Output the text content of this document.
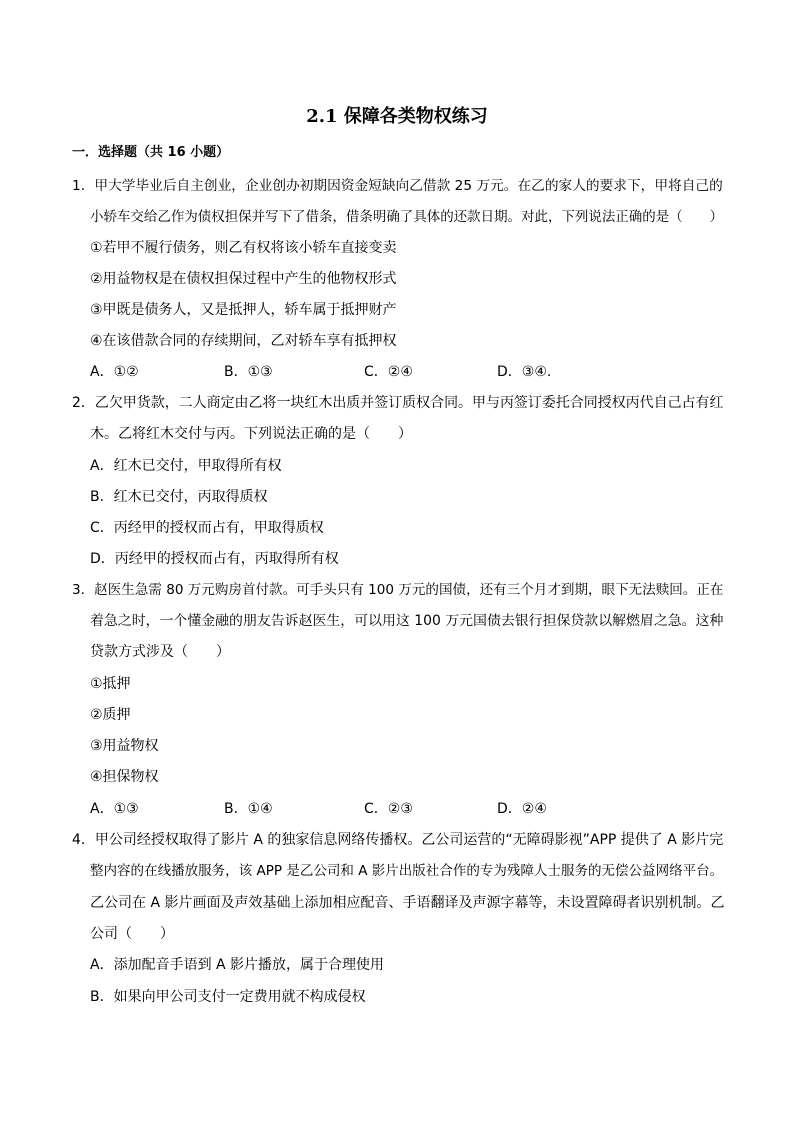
2.1 保障各类物权练习
一．选择题（共 16 小题）
1．甲大学毕业后自主创业，企业创办初期因资金短缺向乙借款 25 万元。在乙的家人的要求下，甲将自己的
小轿车交给乙作为债权担保并写下了借条，借条明确了具体的还款日期。对此，下列说法正确的是（　　）
①若甲不履行债务，则乙有权将该小轿车直接变卖
②用益物权是在债权担保过程中产生的他物权形式
③甲既是债务人，又是抵押人，轿车属于抵押财产
④在该借款合同的存续期间，乙对轿车享有抵押权
A．①②	B．①③	C．②④	D．③④.
2．乙欠甲货款，二人商定由乙将一块红木出质并签订质权合同。甲与丙签订委托合同授权丙代自己占有红
木。乙将红木交付与丙。下列说法正确的是（　　）
A．红木已交付，甲取得所有权
B．红木已交付，丙取得质权
C．丙经甲的授权而占有，甲取得质权
D．丙经甲的授权而占有，丙取得所有权
3．赵医生急需 80 万元购房首付款。可手头只有 100 万元的国债，还有三个月才到期，眼下无法赎回。正在
着急之时，一个懂金融的朋友告诉赵医生，可以用这 100 万元国债去银行担保贷款以解燃眉之急。这种
贷款方式涉及（　　）
①抵押
②质押
③用益物权
④担保物权
A．①③	B．①④	C．②③	D．②④
4．甲公司经授权取得了影片 A 的独家信息网络传播权。乙公司运营的“无障碍影视”APP 提供了 A 影片完
整内容的在线播放服务，该 APP 是乙公司和 A 影片出版社合作的专为残障人士服务的无偿公益网络平台。
乙公司在 A 影片画面及声效基础上添加相应配音、手语翻译及声源字幕等，未设置障碍者识别机制。乙
公司（　　）
A．添加配音手语到 A 影片播放，属于合理使用
B．如果向甲公司支付一定费用就不构成侵权
